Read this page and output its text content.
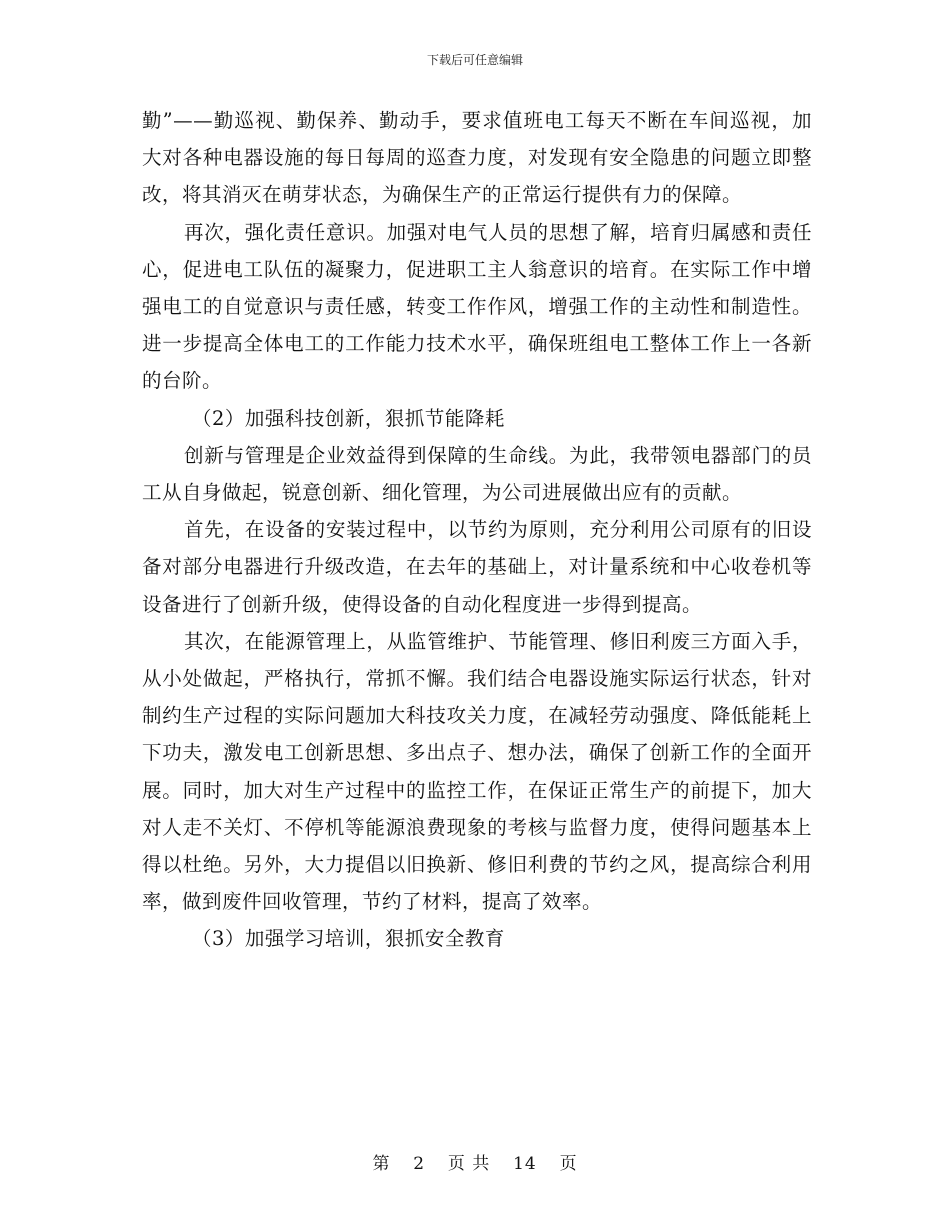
下载后可任意编辑

勤”——勤巡视、勤保养、勤动手，要求值班电工每天不断在车间巡视，加大对各种电器设施的每日每周的巡查力度，对发现有安全隐患的问题立即整改，将其消灭在萌芽状态，为确保生产的正常运行提供有力的保障。

再次，强化责任意识。加强对电气人员的思想了解，培育归属感和责任心，促进电工队伍的凝聚力，促进职工主人翁意识的培育。在实际工作中增强电工的自觉意识与责任感，转变工作作风，增强工作的主动性和制造性。进一步提高全体电工的工作能力技术水平，确保班组电工整体工作上一各新的台阶。

（2）加强科技创新，狠抓节能降耗

创新与管理是企业效益得到保障的生命线。为此，我带领电器部门的员工从自身做起，锐意创新、细化管理，为公司进展做出应有的贡献。

首先，在设备的安装过程中，以节约为原则，充分利用公司原有的旧设备对部分电器进行升级改造，在去年的基础上，对计量系统和中心收卷机等设备进行了创新升级，使得设备的自动化程度进一步得到提高。

其次，在能源管理上，从监管维护、节能管理、修旧利废三方面入手，从小处做起，严格执行，常抓不懈。我们结合电器设施实际运行状态，针对制约生产过程的实际问题加大科技攻关力度，在减轻劳动强度、降低能耗上下功夫，激发电工创新思想、多出点子、想办法，确保了创新工作的全面开展。同时，加大对生产过程中的监控工作，在保证正常生产的前提下，加大对人走不关灯、不停机等能源浪费现象的考核与监督力度，使得问题基本上得以杜绝。另外，大力提倡以旧换新、修旧利费的节约之风，提高综合利用率，做到废件回收管理，节约了材料，提高了效率。

（3）加强学习培训，狠抓安全教育

第 2 页 共 14 页
